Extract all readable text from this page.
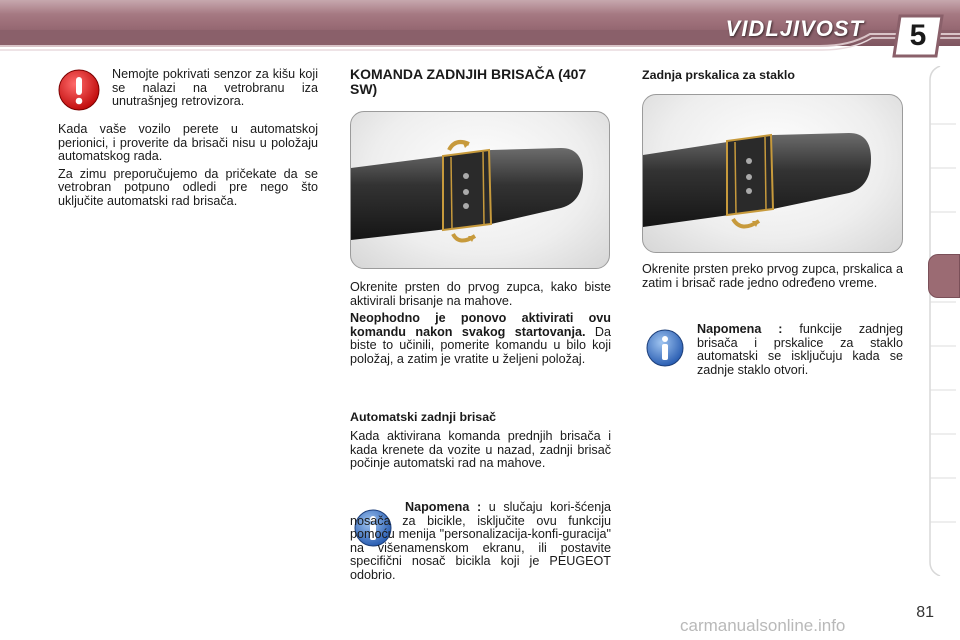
VIDLJIVOST	5

Nemojte pokrivati senzor za kišu koji se nalazi na vetrobranu iza unutrašnjeg retrovizora.

Kada vaše vozilo perete u automatskoj perionici, i proverite da brisači nisu u položaju automatskog rada.

Za zimu preporučujemo da pričekate da se vetrobran potpuno odledi pre nego što uključite automatski rad brisača.

KOMANDA ZADNJIH BRISAČA (407 SW)

Okrenite prsten do prvog zupca, kako biste aktivirali brisanje na mahove.

Neophodno je ponovo aktivirati ovu komandu nakon svakog startovanja. Da biste to učinili, pomerite komandu u bilo koji položaj, a zatim je vratite u željeni položaj.

Automatski zadnji brisač

Kada aktivirana komanda prednjih brisača i kada krenete da vozite u nazad, zadnji brisač počinje automatski rad na mahove.

Napomena : u slučaju kori-šćenja nosača za bicikle, isključite ovu funkciju pomoću menija "personalizacija-konfi-guracija" na višenamenskom ekranu, ili postavite specifični nosač bicikla koji je PEUGEOT odobrio.

Zadnja prskalica za staklo

Okrenite prsten preko prvog zupca, prskalica a zatim i brisač rade jedno određeno vreme.

Napomena : funkcije zadnjeg brisača i prskalice za staklo automatski se isključuju kada se zadnje staklo otvori.

81
carmanualsonline.info
